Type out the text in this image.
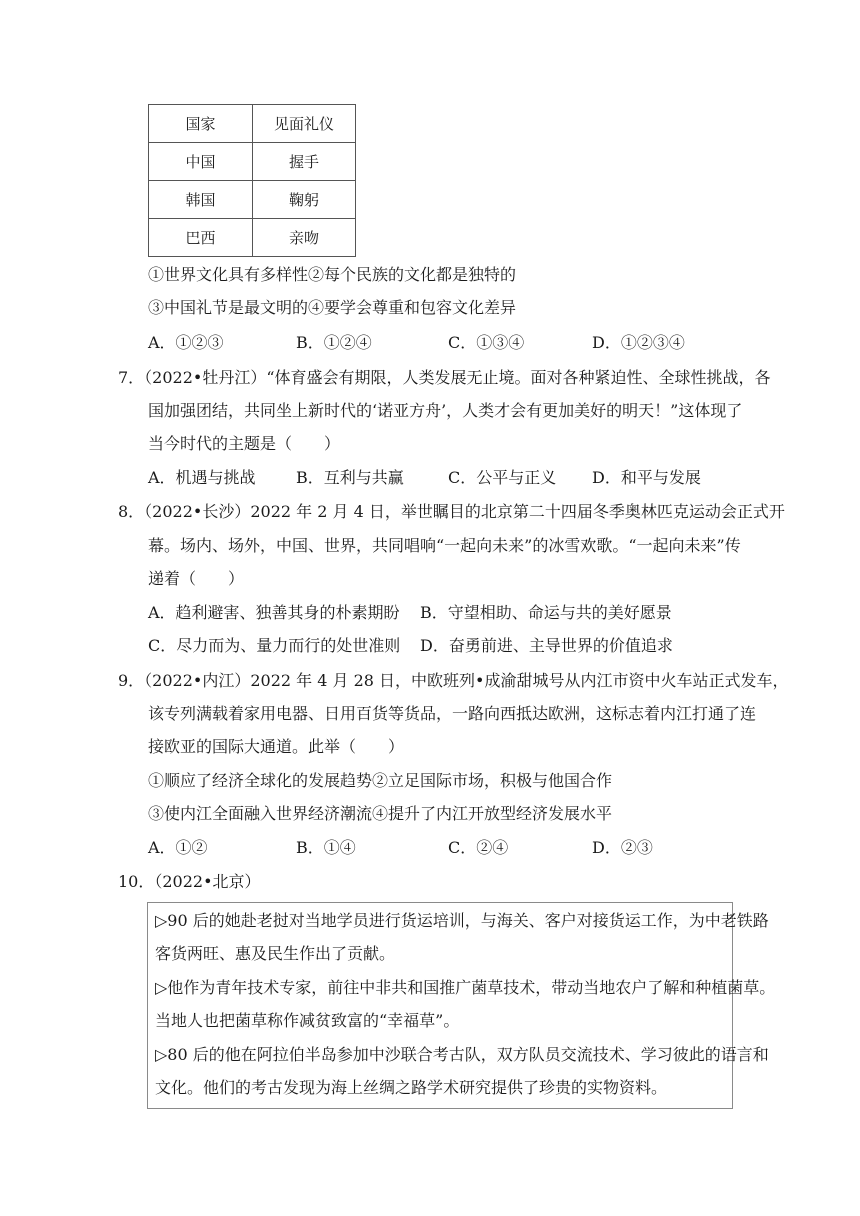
国家	见面礼仪
中国	握手
韩国	鞠躬
巴西	亲吻
①世界文化具有多样性②每个民族的文化都是独特的
③中国礼节是最文明的④要学会尊重和包容文化差异
A．①②③	B．①②④	C．①③④	D．①②③④
7．（2022•牡丹江）“体育盛会有期限，人类发展无止境。面对各种紧迫性、全球性挑战，各
国加强团结，共同坐上新时代的‘诺亚方舟’，人类才会有更加美好的明天！”这体现了
当今时代的主题是（　　）
A．机遇与挑战	B．互利与共赢	C．公平与正义 D．和平与发展
8．（2022•长沙）2022 年 2 月 4 日，举世瞩目的北京第二十四届冬季奥林匹克运动会正式开
幕。场内、场外，中国、世界，共同唱响“一起向未来”的冰雪欢歌。“一起向未来”传
递着（　　）
A．趋利避害、独善其身的朴素期盼 B．守望相助、命运与共的美好愿景
C．尽力而为、量力而行的处世准则 D．奋勇前进、主导世界的价值追求
9．（2022•内江）2022 年 4 月 28 日，中欧班列•成渝甜城号从内江市资中火车站正式发车，
该专列满载着家用电器、日用百货等货品，一路向西抵达欧洲，这标志着内江打通了连
接欧亚的国际大通道。此举（　　）
①顺应了经济全球化的发展趋势②立足国际市场，积极与他国合作
③使内江全面融入世界经济潮流④提升了内江开放型经济发展水平
A．①②	B．①④	C．②④	D．②③
10．（2022•北京）
▷90 后的她赴老挝对当地学员进行货运培训，与海关、客户对接货运工作，为中老铁路
客货两旺、惠及民生作出了贡献。
▷他作为青年技术专家，前往中非共和国推广菌草技术，带动当地农户了解和种植菌草。
当地人也把菌草称作减贫致富的“幸福草”。
▷80 后的他在阿拉伯半岛参加中沙联合考古队，双方队员交流技术、学习彼此的语言和
文化。他们的考古发现为海上丝绸之路学术研究提供了珍贵的实物资料。
